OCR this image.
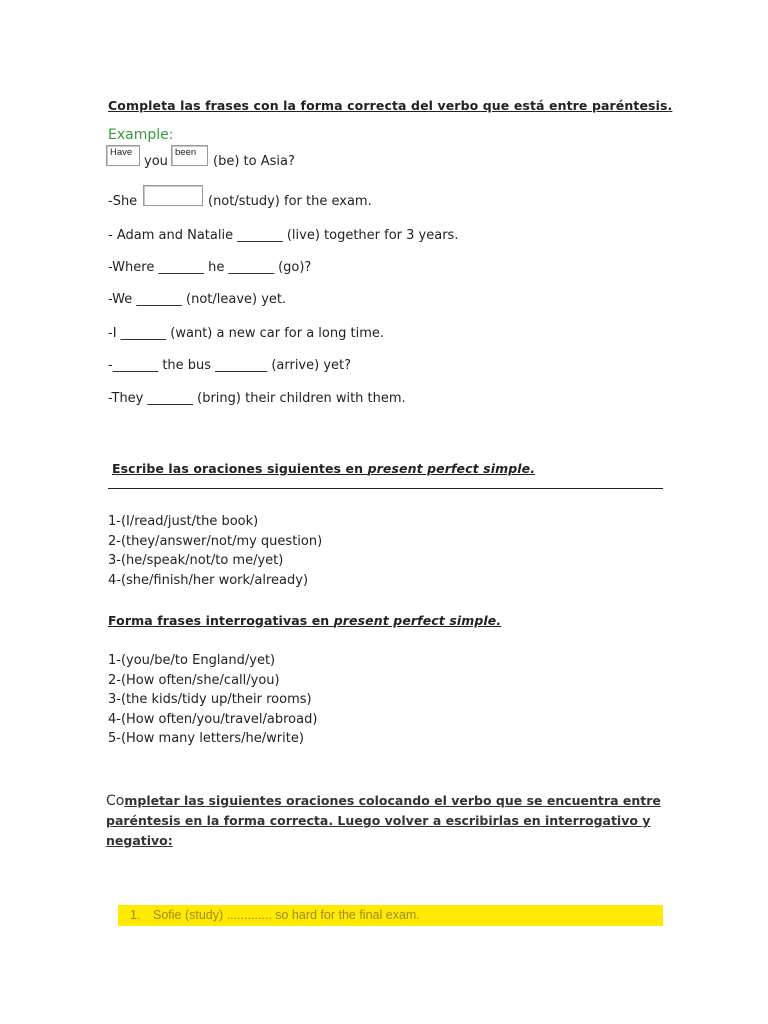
Completa las frases con la forma correcta del verbo que está entre paréntesis.
Example:
Have
you
been
(be) to Asia?
-She	(not/study) for the exam.
- Adam and Natalie _______ (live) together for 3 years.
-Where _______ he _______ (go)?
-We _______ (not/leave) yet.
-I _______ (want) a new car for a long time.
-_______ the bus ________ (arrive) yet?
-They _______ (bring) their children with them.
Escribe las oraciones siguientes en present perfect simple.
1-(I/read/just/the book)
2-(they/answer/not/my question)
3-(he/speak/not/to me/yet)
4-(she/finish/her work/already)
Forma frases interrogativas en present perfect simple.
1-(you/be/to England/yet)
2-(How often/she/call/you)
3-(the kids/tidy up/their rooms)
4-(How often/you/travel/abroad)
5-(How many letters/he/write)
Completar las siguientes oraciones colocando el verbo que se encuentra entre
paréntesis en la forma correcta. Luego volver a escribirlas en interrogativo y
negativo:
1. Sofie (study) ............. so hard for the final exam.
